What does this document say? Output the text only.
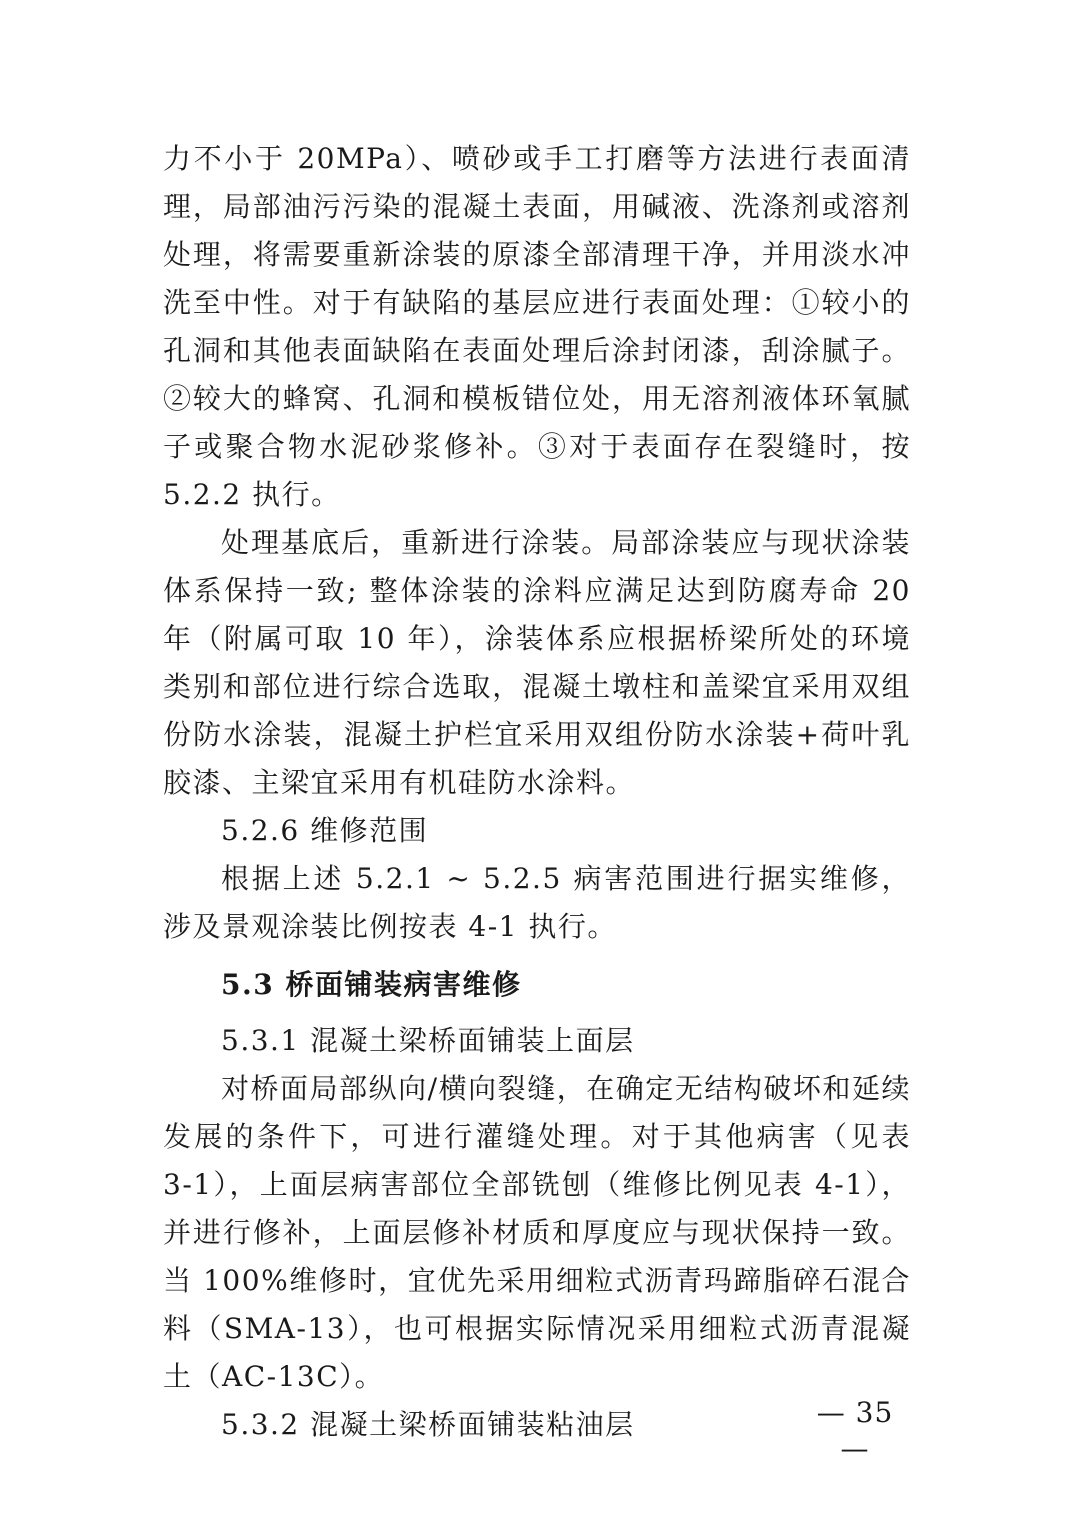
力不小于 20MPa）、喷砂或手工打磨等方法进行表面清理，局部油污污染的混凝土表面，用碱液、洗涤剂或溶剂处理，将需要重新涂装的原漆全部清理干净，并用淡水冲洗至中性。对于有缺陷的基层应进行表面处理：①较小的孔洞和其他表面缺陷在表面处理后涂封闭漆，刮涂腻子。②较大的蜂窝、孔洞和模板错位处，用无溶剂液体环氧腻子或聚合物水泥砂浆修补。③对于表面存在裂缝时，按 5.2.2 执行。

处理基底后，重新进行涂装。局部涂装应与现状涂装体系保持一致; 整体涂装的涂料应满足达到防腐寿命 20 年（附属可取 10 年），涂装体系应根据桥梁所处的环境类别和部位进行综合选取，混凝土墩柱和盖梁宜采用双组份防水涂装，混凝土护栏宜采用双组份防水涂装+荷叶乳胶漆、主梁宜采用有机硅防水涂料。

5.2.6 维修范围

根据上述 5.2.1 ~ 5.2.5 病害范围进行据实维修，涉及景观涂装比例按表 4-1 执行。

5.3 桥面铺装病害维修

5.3.1 混凝土梁桥面铺装上面层

对桥面局部纵向/横向裂缝，在确定无结构破坏和延续发展的条件下，可进行灌缝处理。对于其他病害（见表 3-1），上面层病害部位全部铣刨（维修比例见表 4-1），并进行修补，上面层修补材质和厚度应与现状保持一致。当 100%维修时，宜优先采用细粒式沥青玛蹄脂碎石混合料（SMA-13），也可根据实际情况采用细粒式沥青混凝土（AC-13C）。

5.3.2 混凝土梁桥面铺装粘油层	— 35 —
